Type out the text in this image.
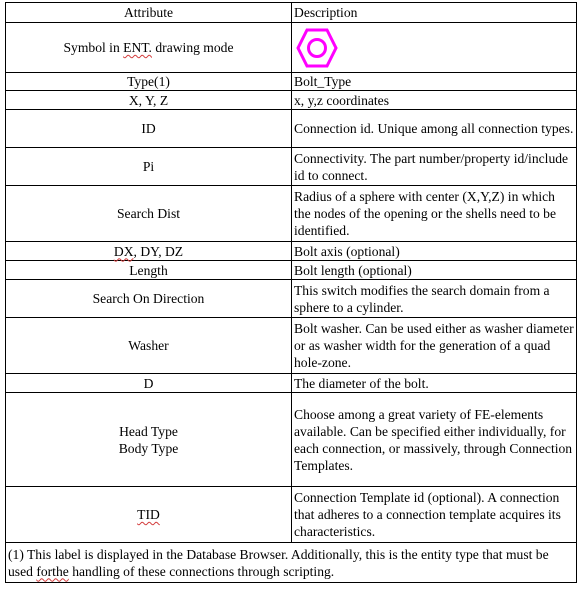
Attribute	Description
Symbol in ENT. drawing mode	

Type(1)	Bolt_Type
X, Y, Z	x, y,z coordinates
ID	Connection id. Unique among all connection types.
Pi	Connectivity. The part number/property id/include id to connect.
Search Dist	Radius of a sphere with center (X,Y,Z) in which the nodes of the opening or the shells need to be identified.
DX, DY, DZ	Bolt axis (optional)
Length	Bolt length (optional)
Search On Direction	This switch modifies the search domain from a sphere to a cylinder.
Washer	Bolt washer. Can be used either as washer diameter or as washer width for the generation of a quad hole-zone.
D	The diameter of the bolt.

Head Type
Body Type	Choose among a great variety of FE-elements available. Can be specified either individually, for each connection, or massively, through Connection Templates.
TID	Connection Template id (optional). A connection that adheres to a connection template acquires its characteristics.
(1) This label is displayed in the Database Browser. Additionally, this is the entity type that must be used forthe handling of these connections through scripting.	
